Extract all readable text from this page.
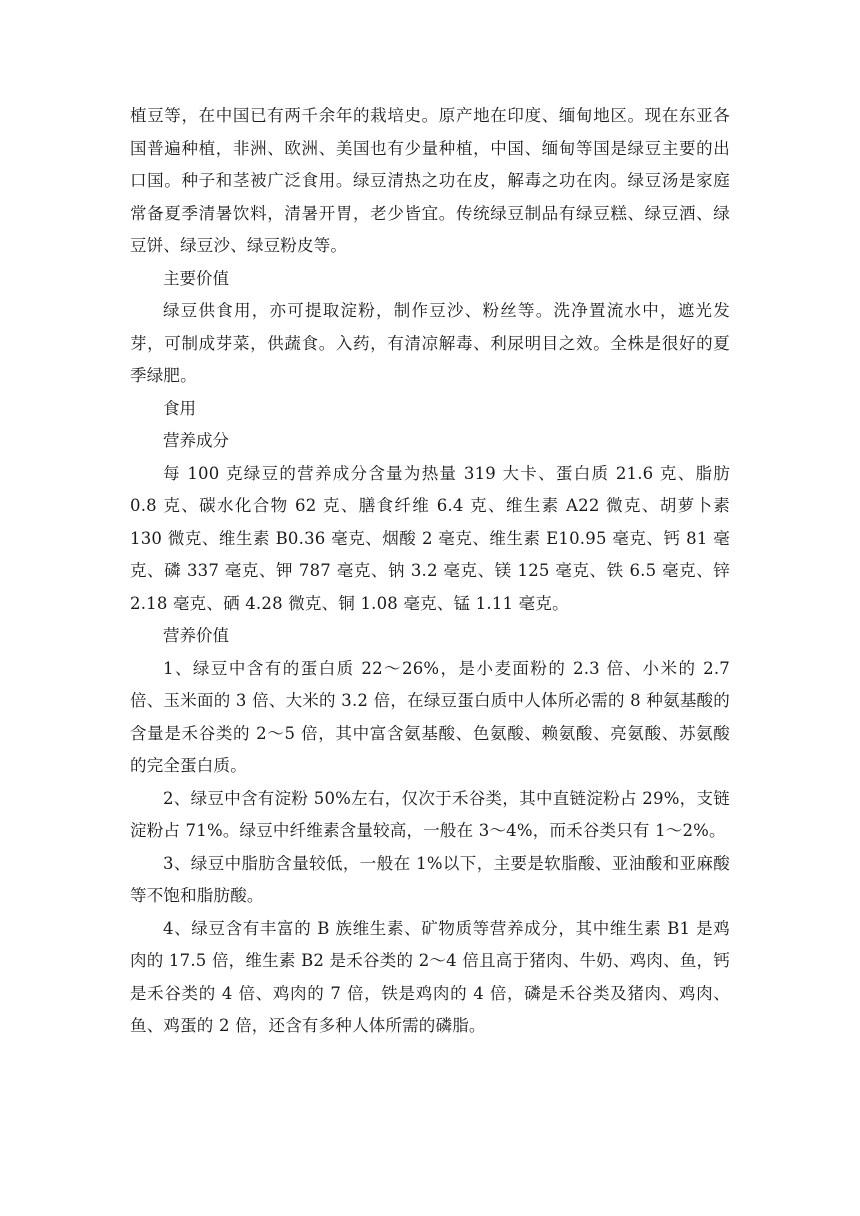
植豆等，在中国已有两千余年的栽培史。原产地在印度、缅甸地区。现在东亚各国普遍种植，非洲、欧洲、美国也有少量种植，中国、缅甸等国是绿豆主要的出口国。种子和茎被广泛食用。绿豆清热之功在皮，解毒之功在肉。绿豆汤是家庭常备夏季清暑饮料，清暑开胃，老少皆宜。传统绿豆制品有绿豆糕、绿豆酒、绿豆饼、绿豆沙、绿豆粉皮等。

主要价值

绿豆供食用，亦可提取淀粉，制作豆沙、粉丝等。洗净置流水中，遮光发芽，可制成芽菜，供蔬食。入药，有清凉解毒、利尿明目之效。全株是很好的夏季绿肥。

食用

营养成分

每 100 克绿豆的营养成分含量为热量 319 大卡、蛋白质 21.6 克、脂肪 0.8 克、碳水化合物 62 克、膳食纤维 6.4 克、维生素 A22 微克、胡萝卜素 130 微克、维生素 B0.36 毫克、烟酸 2 毫克、维生素 E10.95 毫克、钙 81 毫克、磷 337 毫克、钾 787 毫克、钠 3.2 毫克、镁 125 毫克、铁 6.5 毫克、锌 2.18 毫克、硒 4.28 微克、铜 1.08 毫克、锰 1.11 毫克。

营养价值

1、绿豆中含有的蛋白质 22～26%，是小麦面粉的 2.3 倍、小米的 2.7 倍、玉米面的 3 倍、大米的 3.2 倍，在绿豆蛋白质中人体所必需的 8 种氨基酸的含量是禾谷类的 2～5 倍，其中富含氨基酸、色氨酸、赖氨酸、亮氨酸、苏氨酸的完全蛋白质。

2、绿豆中含有淀粉 50%左右，仅次于禾谷类，其中直链淀粉占 29%，支链淀粉占 71%。绿豆中纤维素含量较高，一般在 3～4%，而禾谷类只有 1～2%。

3、绿豆中脂肪含量较低，一般在 1%以下，主要是软脂酸、亚油酸和亚麻酸等不饱和脂肪酸。

4、绿豆含有丰富的 B 族维生素、矿物质等营养成分，其中维生素 B1 是鸡肉的 17.5 倍，维生素 B2 是禾谷类的 2～4 倍且高于猪肉、牛奶、鸡肉、鱼，钙是禾谷类的 4 倍、鸡肉的 7 倍，铁是鸡肉的 4 倍，磷是禾谷类及猪肉、鸡肉、鱼、鸡蛋的 2 倍，还含有多种人体所需的磷脂。
